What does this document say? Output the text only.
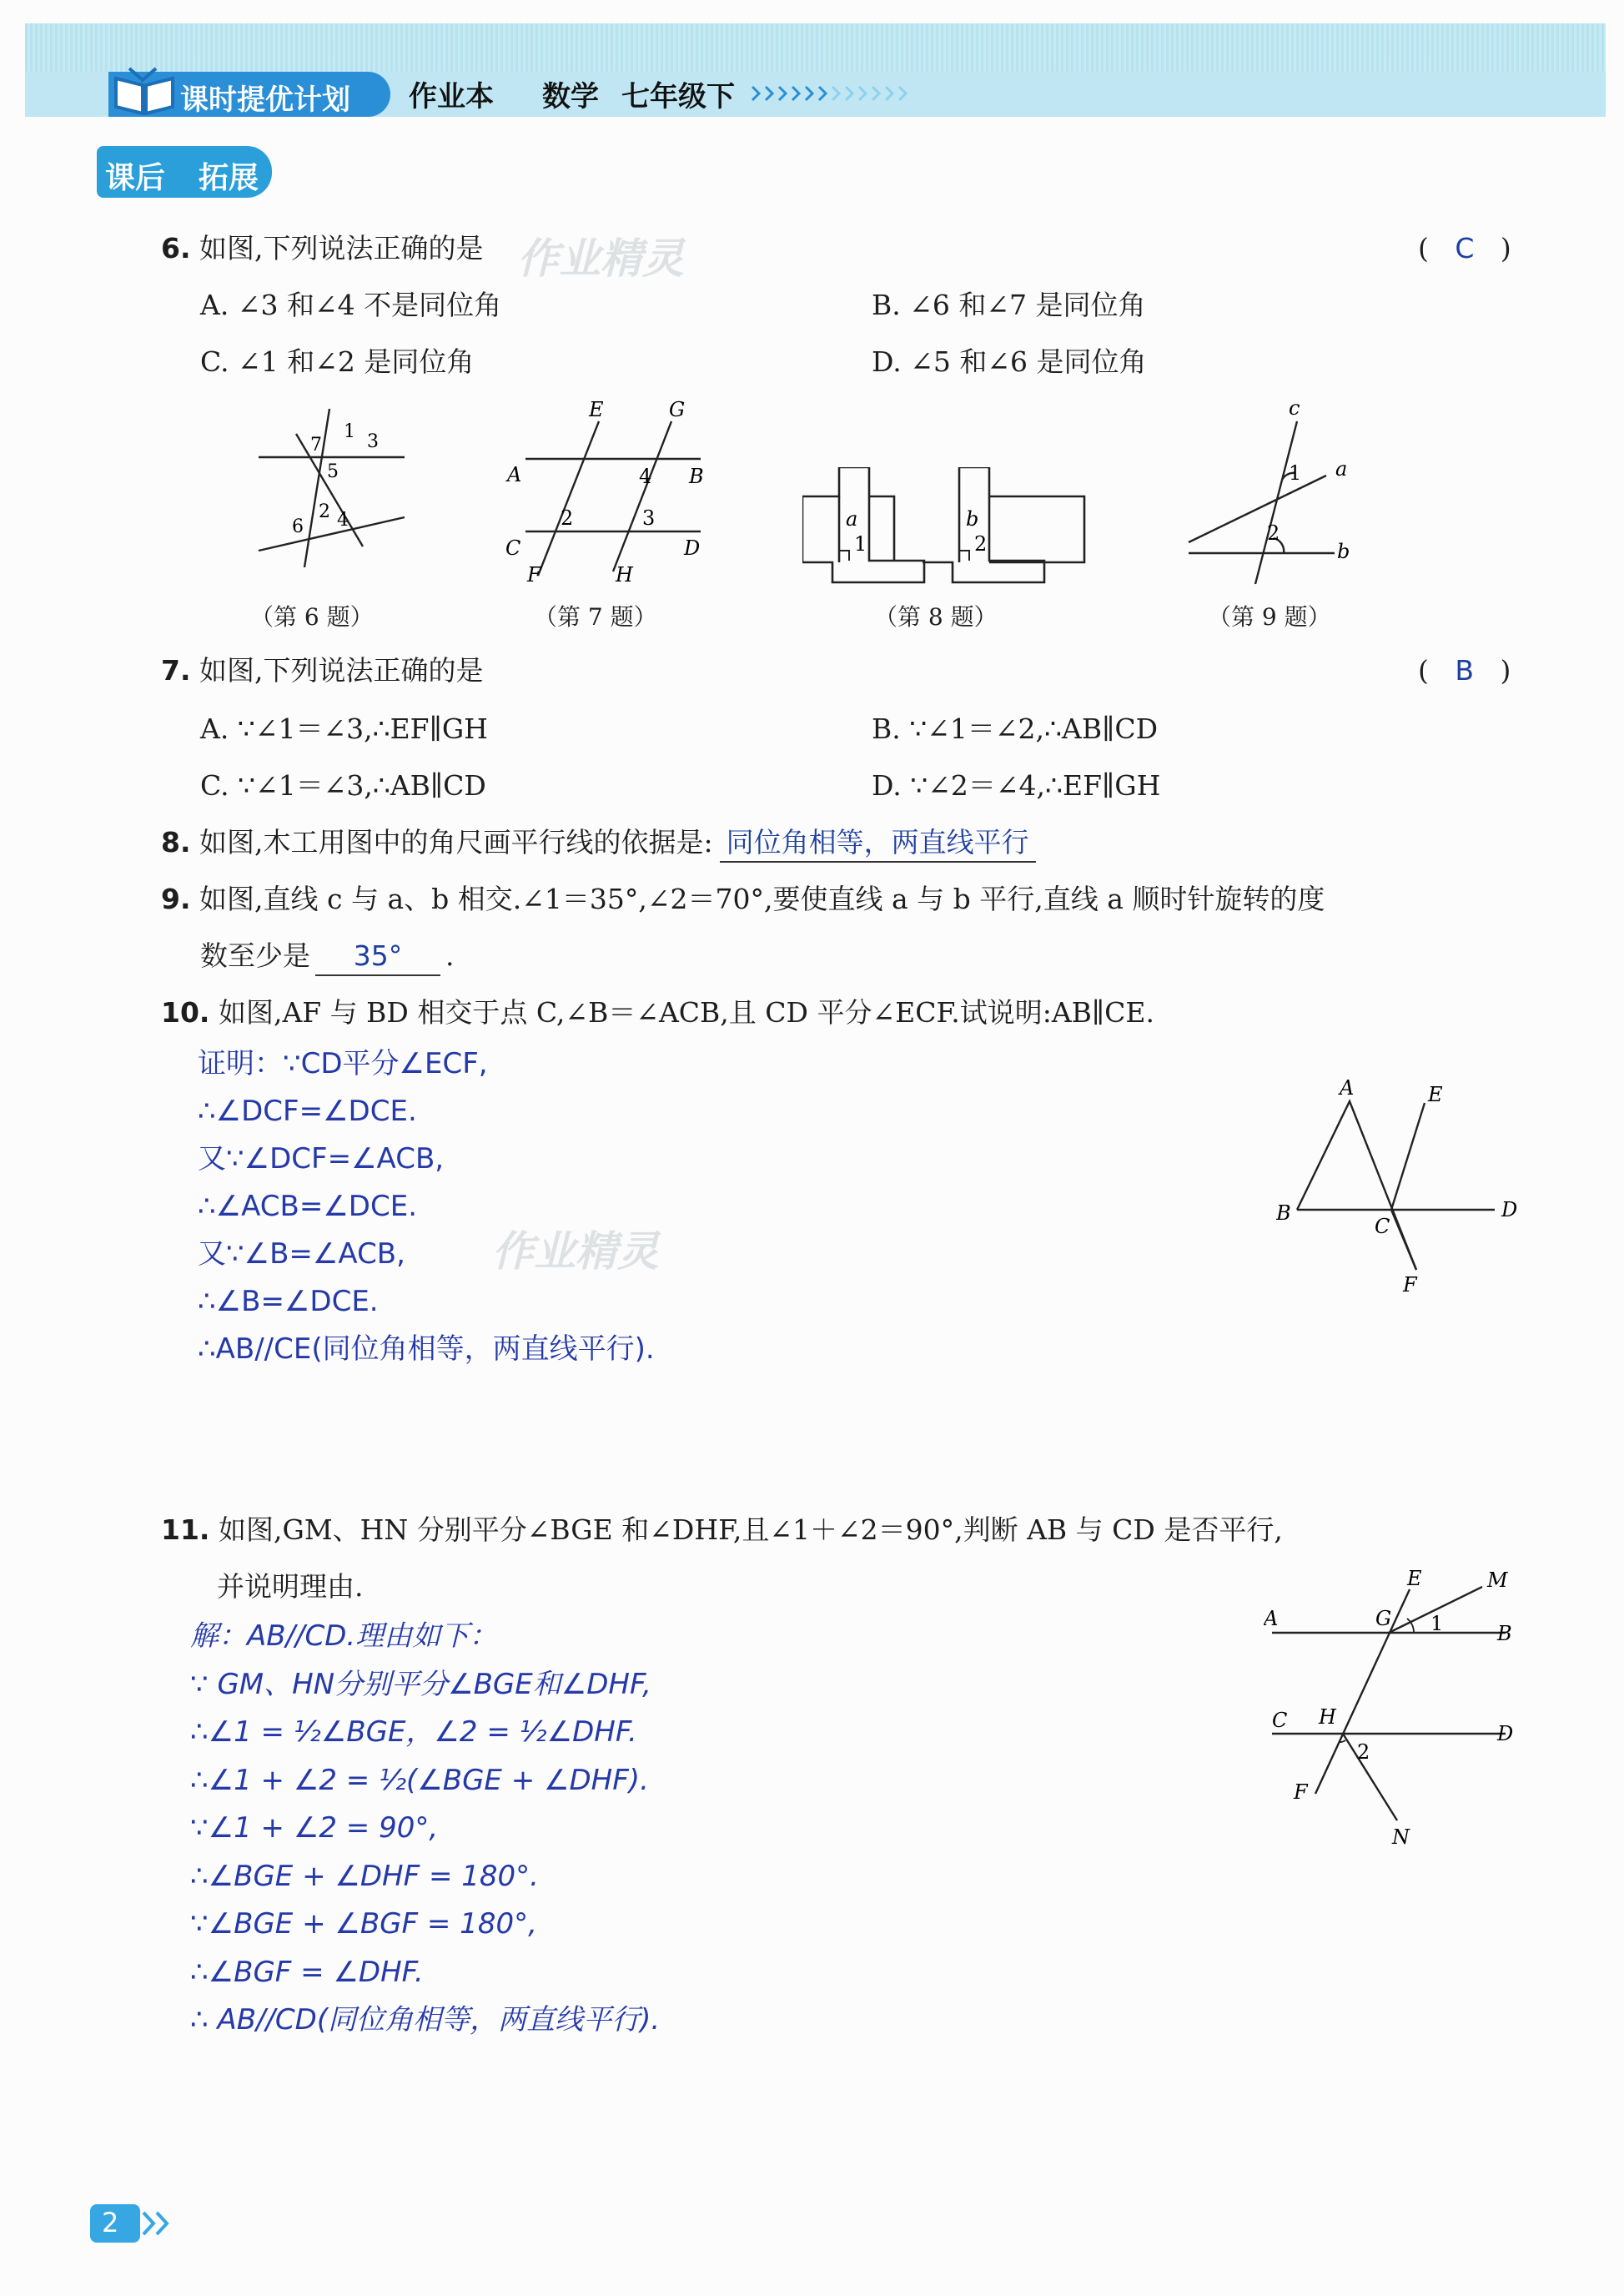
课时提优计划 作业本 数学 七年级下
课后 拓展
作业精灵
作业精灵
6. 如图,下列说法正确的是	(   C   )
A. ∠3 和∠4 不是同位角	B. ∠6 和∠7 是同位角
C. ∠1 和∠2 是同位角	D. ∠5 和∠6 是同位角
7
1 3
5
2
6 4
（第 6 题）
E	G
A	4 B
2	3
C	D
F	H
（第 7 题）
a
1
b
2
（第 8 题）
c
1 a
2
b
（第 9 题）
7. 如图,下列说法正确的是	(   B   )
A. ∵∠1＝∠3,∴EF∥GH	B. ∵∠1＝∠2,∴AB∥CD
C. ∵∠1＝∠3,∴AB∥CD	D. ∵∠2＝∠4,∴EF∥GH
8. 如图,木工用图中的角尺画平行线的依据是: 同位角相等，两直线平行
9. 如图,直线 c 与 a、b 相交.∠1＝35°,∠2＝70°,要使直线 a 与 b 平行,直线 a 顺时针旋转的度
数至少是 35° .
10. 如图,AF 与 BD 相交于点 C,∠B＝∠ACB,且 CD 平分∠ECF.试说明:AB∥CE.
证明：∵CD平分∠ECF,
∴∠DCF=∠DCE.
又∵∠DCF=∠ACB,
∴∠ACB=∠DCE.
又∵∠B=∠ACB,
∴∠B=∠DCE.
∴AB//CE(同位角相等，两直线平行).
A	E
B
C
D
F
11. 如图,GM、HN 分别平分∠BGE 和∠DHF,且∠1＋∠2＝90°,判断 AB 与 CD 是否平行,
并说明理由.
解：AB//CD.理由如下：
∵ GM、HN分别平分∠BGE和∠DHF,
∴∠1 = ½∠BGE，∠2 = ½∠DHF.
∴∠1 + ∠2 = ½(∠BGE + ∠DHF).
∵∠1 + ∠2 = 90°,
∴∠BGE + ∠DHF = 180°.
∵∠BGE + ∠BGF = 180°,
∴∠BGF = ∠DHF.
∴ AB//CD(同位角相等，两直线平行).
E	M
A	G 1	B
C H
D
2
F
N
2
